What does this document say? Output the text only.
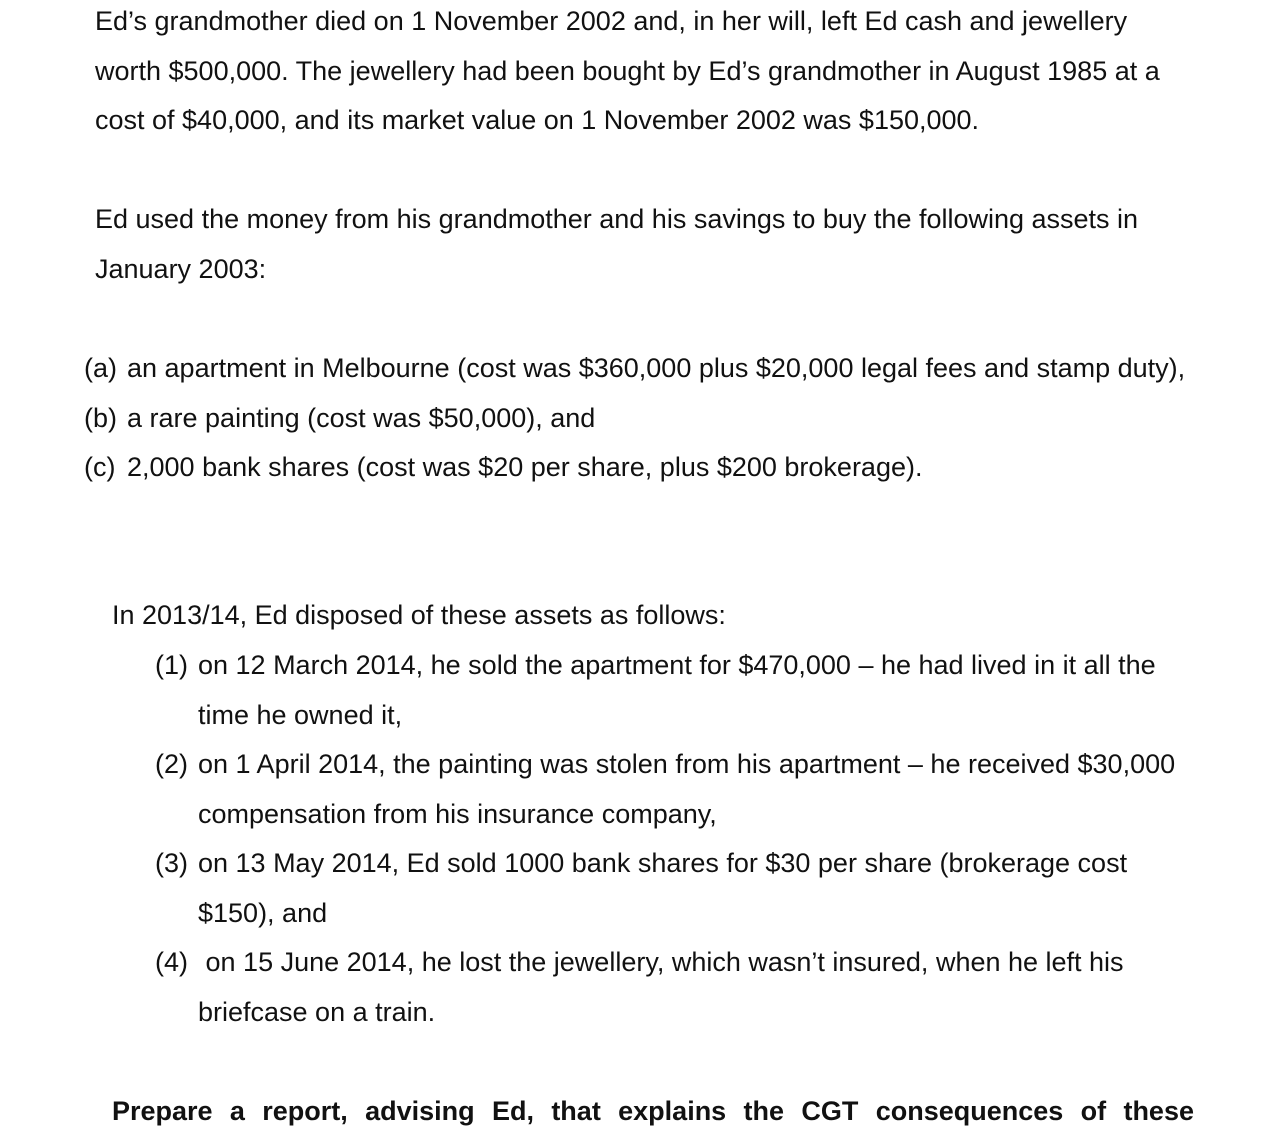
Ed’s grandmother died on 1 November 2002 and, in her will, left Ed cash and jewellery worth $500,000. The jewellery had been bought by Ed’s grandmother in August 1985 at a cost of $40,000, and its market value on 1 November 2002 was $150,000.

Ed used the money from his grandmother and his savings to buy the following assets in January 2003:

(a) an apartment in Melbourne (cost was $360,000 plus $20,000 legal fees and stamp duty),
(b) a rare painting (cost was $50,000), and
(c) 2,000 bank shares (cost was $20 per share, plus $200 brokerage).

In 2013/14, Ed disposed of these assets as follows:

(1) on 12 March 2014, he sold the apartment for $470,000 – he had lived in it all the time he owned it,
(2) on 1 April 2014, the painting was stolen from his apartment – he received $30,000 compensation from his insurance company,
(3) on 13 May 2014, Ed sold 1000 bank shares for $30 per share (brokerage cost $150), and
(4) on 15 June 2014, he lost the jewellery, which wasn’t insured, when he left his briefcase on a train.

Prepare a report, advising Ed, that explains the CGT consequences of these
